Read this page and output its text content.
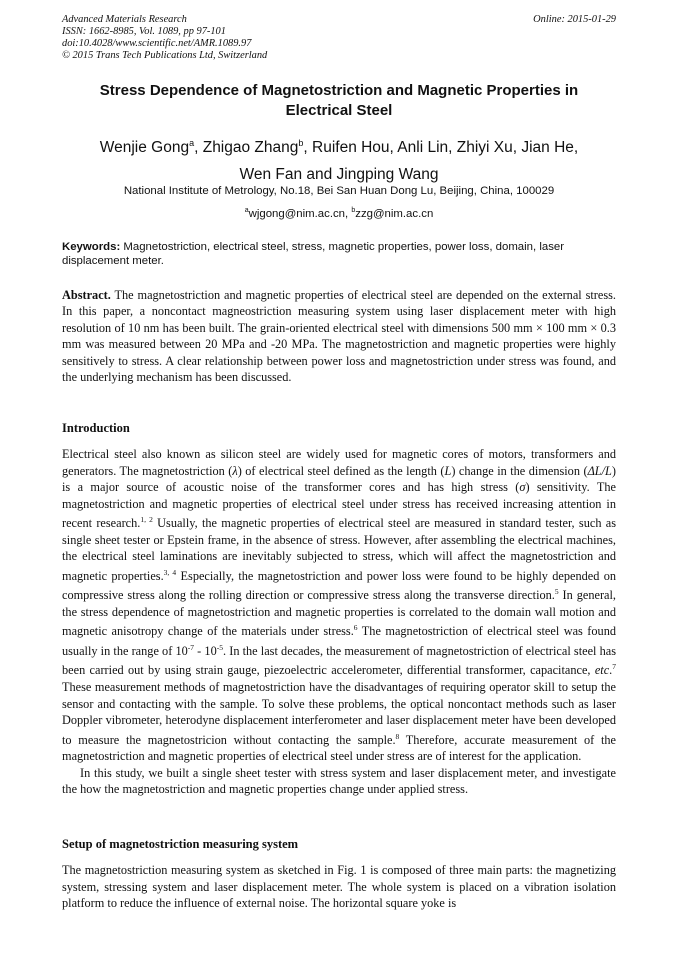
Advanced Materials Research
ISSN: 1662-8985, Vol. 1089, pp 97-101
doi:10.4028/www.scientific.net/AMR.1089.97
© 2015 Trans Tech Publications Ltd, Switzerland
Online: 2015-01-29
Stress Dependence of Magnetostriction and Magnetic Properties in Electrical Steel
Wenjie Gong$^a$, Zhigao Zhang$^b$, Ruifen Hou, Anli Lin, Zhiyi Xu, Jian He,
Wen Fan and Jingping Wang
National Institute of Metrology, No.18, Bei San Huan Dong Lu, Beijing, China, 100029
$^a$wjgong@nim.ac.cn, $^b$zzg@nim.ac.cn
Keywords: Magnetostriction, electrical steel, stress, magnetic properties, power loss, domain, laser displacement meter.
Abstract. The magnetostriction and magnetic properties of electrical steel are depended on the external stress. In this paper, a noncontact magneostriction measuring system using laser displacement meter with high resolution of 10 nm has been built. The grain-oriented electrical steel with dimensions 500 mm × 100 mm × 0.3 mm was measured between 20 MPa and -20 MPa. The magnetostriction and magnetic properties were highly sensitively to stress. A clear relationship between power loss and magnetostriction under stress was found, and the underlying mechanism has been discussed.
Introduction

Electrical steel also known as silicon steel are widely used for magnetic cores of motors, transformers and generators. The magnetostriction (λ) of electrical steel defined as the length (L) change in the dimension (ΔL/L) is a major source of acoustic noise of the transformer cores and has high stress (σ) sensitivity. The magnetostriction and magnetic properties of electrical steel under stress has received increasing attention in recent research.$^{1, 2}$ Usually, the magnetic properties of electrical steel are measured in standard tester, such as single sheet tester or Epstein frame, in the absence of stress. However, after assembling the electrical machines, the electrical steel laminations are inevitably subjected to stress, which will affect the magnetostriction and magnetic properties.$^{3, 4}$ Especially, the magnetostriction and power loss were found to be highly depended on compressive stress along the rolling direction or compressive stress along the transverse direction.$^5$ In general, the stress dependence of magnetostriction and magnetic properties is correlated to the domain wall motion and magnetic anisotropy change of the materials under stress.$^6$ The magnetostriction of electrical steel was found usually in the range of $10^{-7} - 10^{-5}$. In the last decades, the measurement of magnetostriction of electrical steel has been carried out by using strain gauge, piezoelectric accelerometer, differential transformer, capacitance, etc.$^7$ These measurement methods of magnetostriction have the disadvantages of requiring operator skill to setup the sensor and contacting with the sample. To solve these problems, the optical noncontact methods such as laser Doppler vibrometer, heterodyne displacement interferometer and laser displacement meter have been developed to measure the magnetostricion without contacting the sample.$^8$ Therefore, accurate measurement of the magnetostriction and magnetic properties of electrical steel under stress are of interest for the application.

In this study, we built a single sheet tester with stress system and laser displacement meter, and investigate the how the magnetostriction and magnetic properties change under applied stress.

Setup of magnetostriction measuring system
The magnetostriction measuring system as sketched in Fig. 1 is composed of three main parts: the magnetizing system, stressing system and laser displacement meter. The whole system is placed on a vibration isolation platform to reduce the influence of external noise. The horizontal square yoke is
